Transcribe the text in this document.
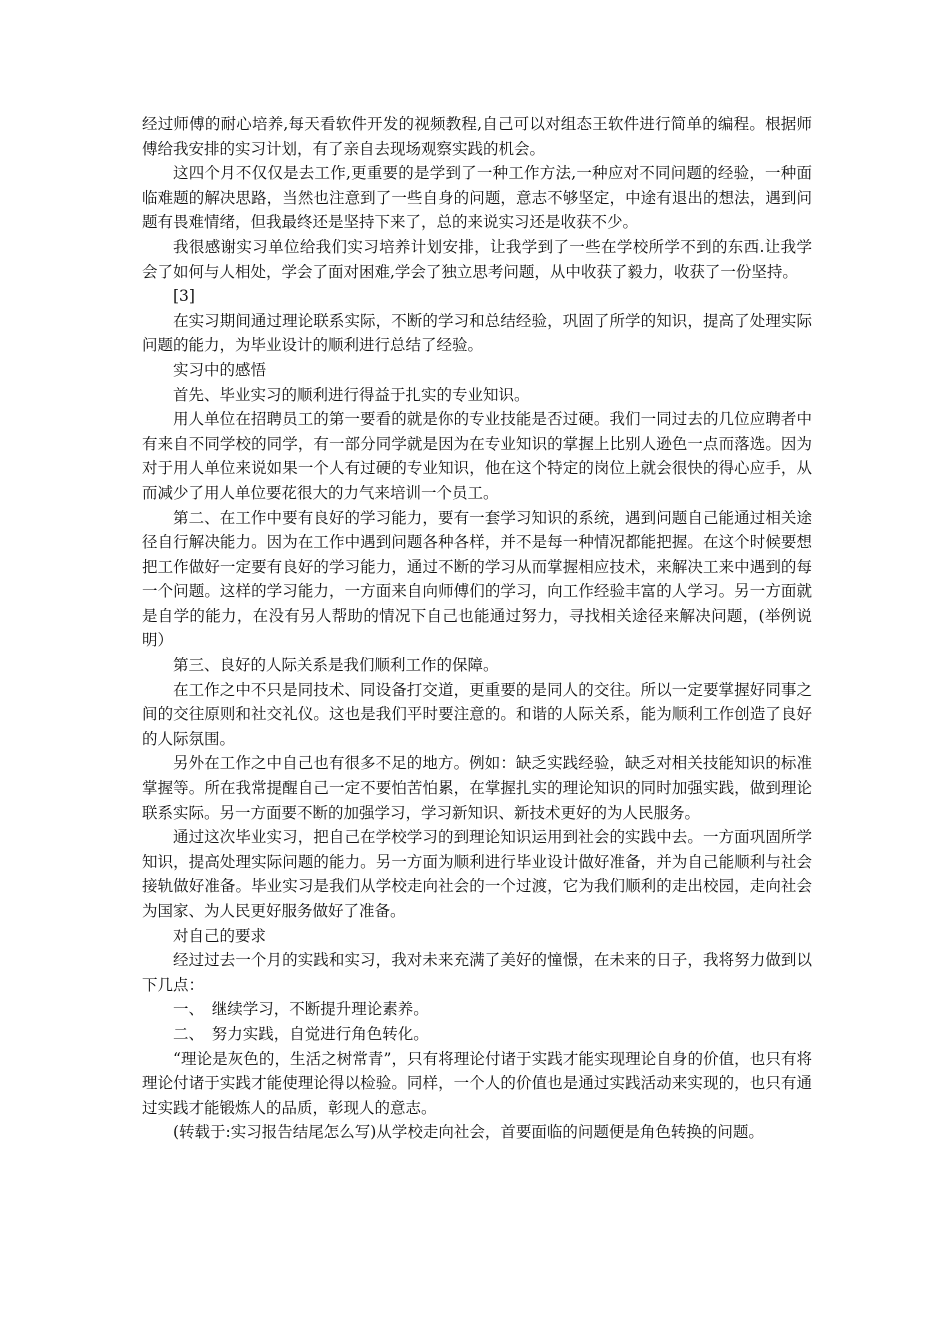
经过师傅的耐心培养,每天看软件开发的视频教程,自己可以对组态王软件进行简单的编程。根据师傅给我安排的实习计划，有了亲自去现场观察实践的机会。

这四个月不仅仅是去工作,更重要的是学到了一种工作方法,一种应对不同问题的经验，一种面临难题的解决思路，当然也注意到了一些自身的问题，意志不够坚定，中途有退出的想法，遇到问题有畏难情绪，但我最终还是坚持下来了，总的来说实习还是收获不少。

我很感谢实习单位给我们实习培养计划安排，让我学到了一些在学校所学不到的东西.让我学会了如何与人相处，学会了面对困难,学会了独立思考问题，从中收获了毅力，收获了一份坚持。

[3]

在实习期间通过理论联系实际，不断的学习和总结经验，巩固了所学的知识，提高了处理实际问题的能力，为毕业设计的顺利进行总结了经验。

实习中的感悟

首先、毕业实习的顺利进行得益于扎实的专业知识。

用人单位在招聘员工的第一要看的就是你的专业技能是否过硬。我们一同过去的几位应聘者中有来自不同学校的同学，有一部分同学就是因为在专业知识的掌握上比别人逊色一点而落选。因为对于用人单位来说如果一个人有过硬的专业知识，他在这个特定的岗位上就会很快的得心应手，从而减少了用人单位要花很大的力气来培训一个员工。

第二、在工作中要有良好的学习能力，要有一套学习知识的系统，遇到问题自己能通过相关途径自行解决能力。因为在工作中遇到问题各种各样，并不是每一种情况都能把握。在这个时候要想把工作做好一定要有良好的学习能力，通过不断的学习从而掌握相应技术，来解决工来中遇到的每一个问题。这样的学习能力，一方面来自向师傅们的学习，向工作经验丰富的人学习。另一方面就是自学的能力，在没有另人帮助的情况下自己也能通过努力，寻找相关途径来解决问题，(举例说明）

第三、良好的人际关系是我们顺利工作的保障。

在工作之中不只是同技术、同设备打交道，更重要的是同人的交往。所以一定要掌握好同事之间的交往原则和社交礼仪。这也是我们平时要注意的。和谐的人际关系，能为顺利工作创造了良好的人际氛围。

另外在工作之中自己也有很多不足的地方。例如：缺乏实践经验，缺乏对相关技能知识的标准掌握等。所在我常提醒自己一定不要怕苦怕累，在掌握扎实的理论知识的同时加强实践，做到理论联系实际。另一方面要不断的加强学习，学习新知识、新技术更好的为人民服务。

通过这次毕业实习，把自己在学校学习的到理论知识运用到社会的实践中去。一方面巩固所学知识，提高处理实际问题的能力。另一方面为顺利进行毕业设计做好准备，并为自己能顺利与社会接轨做好准备。毕业实习是我们从学校走向社会的一个过渡，它为我们顺利的走出校园，走向社会为国家、为人民更好服务做好了准备。

对自己的要求

经过过去一个月的实践和实习，我对未来充满了美好的憧憬，在未来的日子，我将努力做到以下几点：

一、　继续学习，不断提升理论素养。

二、　努力实践，自觉进行角色转化。

“理论是灰色的，生活之树常青”，只有将理论付诸于实践才能实现理论自身的价值，也只有将理论付诸于实践才能使理论得以检验。同样，一个人的价值也是通过实践活动来实现的，也只有通过实践才能锻炼人的品质，彰现人的意志。

(转载于:实习报告结尾怎么写)从学校走向社会，首要面临的问题便是角色转换的问题。
